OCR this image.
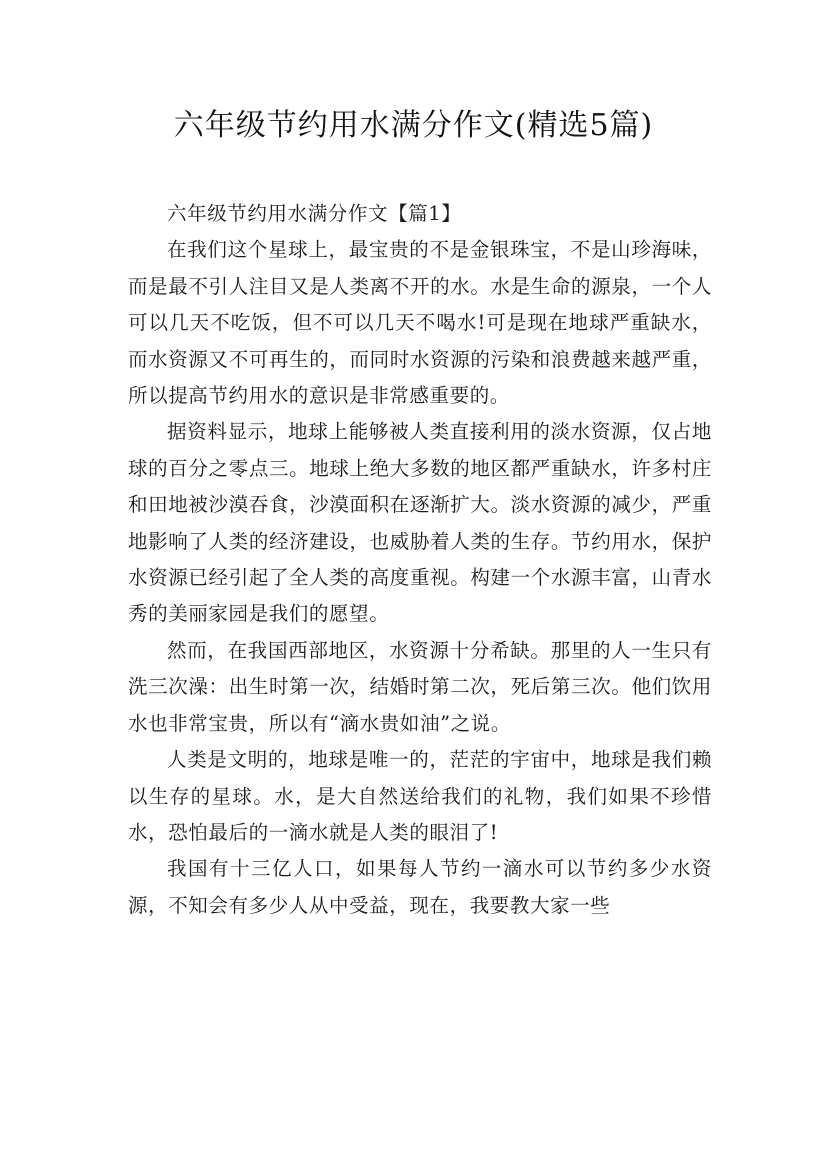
六年级节约用水满分作文(精选5篇)

六年级节约用水满分作文【篇1】

在我们这个星球上，最宝贵的不是金银珠宝，不是山珍海味，而是最不引人注目又是人类离不开的水。水是生命的源泉，一个人可以几天不吃饭，但不可以几天不喝水!可是现在地球严重缺水，而水资源又不可再生的，而同时水资源的污染和浪费越来越严重，所以提高节约用水的意识是非常感重要的。

据资料显示，地球上能够被人类直接利用的淡水资源，仅占地球的百分之零点三。地球上绝大多数的地区都严重缺水，许多村庄和田地被沙漠吞食，沙漠面积在逐渐扩大。淡水资源的减少，严重地影响了人类的经济建设，也威胁着人类的生存。节约用水，保护水资源已经引起了全人类的高度重视。构建一个水源丰富，山青水秀的美丽家园是我们的愿望。

然而，在我国西部地区，水资源十分希缺。那里的人一生只有洗三次澡：出生时第一次，结婚时第二次，死后第三次。他们饮用水也非常宝贵，所以有“滴水贵如油”之说。

人类是文明的，地球是唯一的，茫茫的宇宙中，地球是我们赖以生存的星球。水，是大自然送给我们的礼物，我们如果不珍惜水，恐怕最后的一滴水就是人类的眼泪了!

我国有十三亿人口，如果每人节约一滴水可以节约多少水资源，不知会有多少人从中受益，现在，我要教大家一些
